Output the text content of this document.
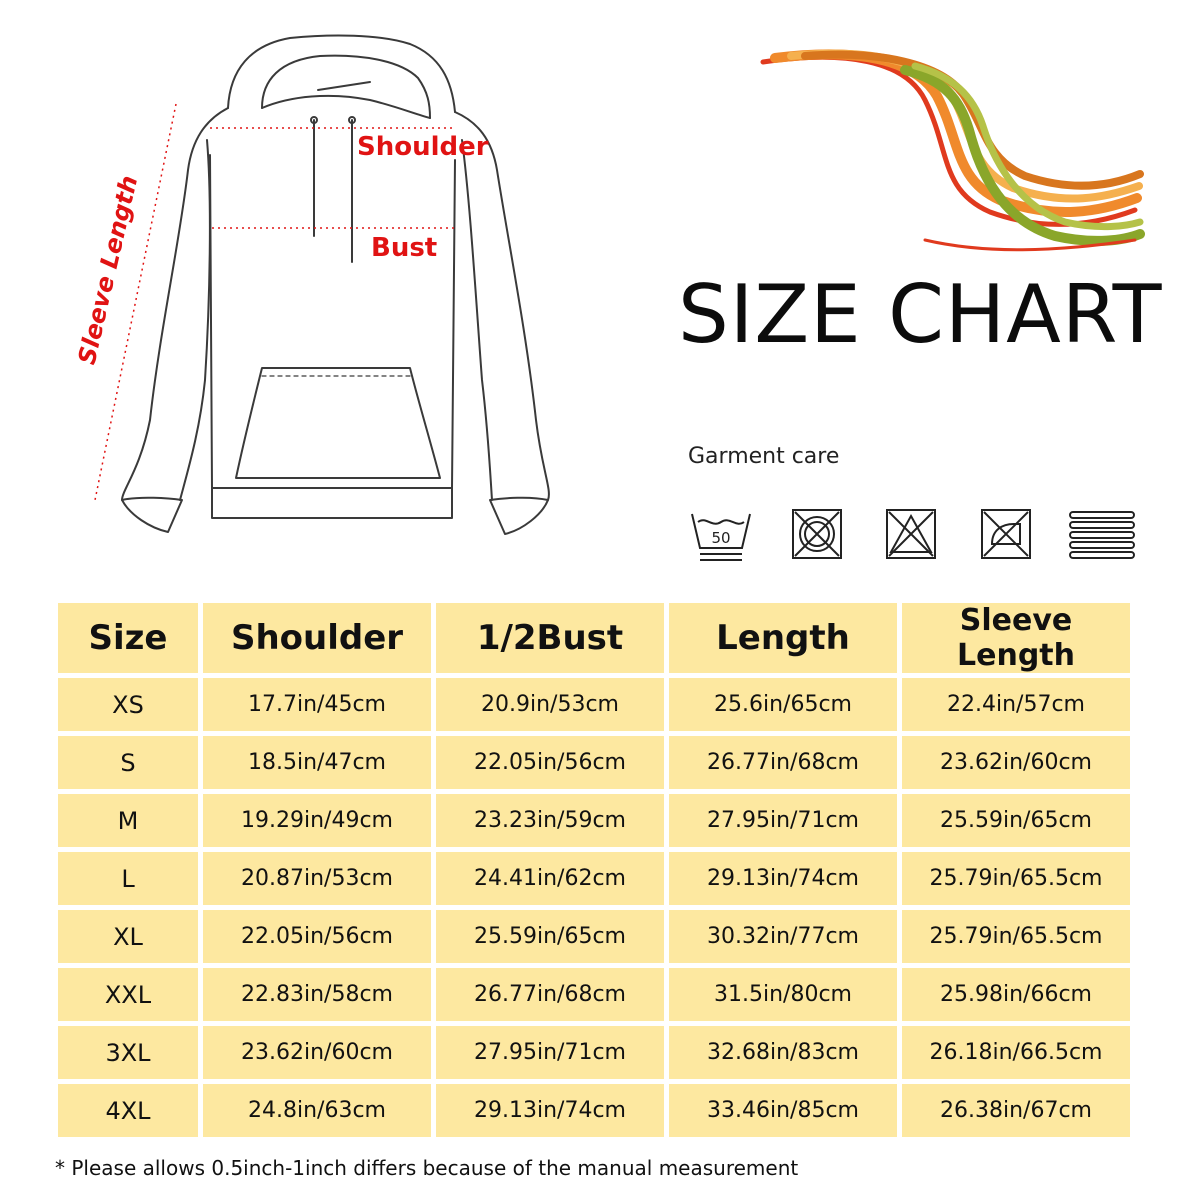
Shoulder
Bust
Sleeve Length	SIZE CHART
Garment care
50
Size	Shoulder	1/2Bust	Length	Sleeve Length
XS	17.7in/45cm	20.9in/53cm	25.6in/65cm	22.4in/57cm
S	18.5in/47cm	22.05in/56cm	26.77in/68cm	23.62in/60cm
M	19.29in/49cm	23.23in/59cm	27.95in/71cm	25.59in/65cm
L	20.87in/53cm	24.41in/62cm	29.13in/74cm	25.79in/65.5cm
XL	22.05in/56cm	25.59in/65cm	30.32in/77cm	25.79in/65.5cm
XXL	22.83in/58cm	26.77in/68cm	31.5in/80cm	25.98in/66cm
3XL	23.62in/60cm	27.95in/71cm	32.68in/83cm	26.18in/66.5cm
4XL	24.8in/63cm	29.13in/74cm	33.46in/85cm	26.38in/67cm
* Please allows 0.5inch-1inch differs because of the manual measurement
